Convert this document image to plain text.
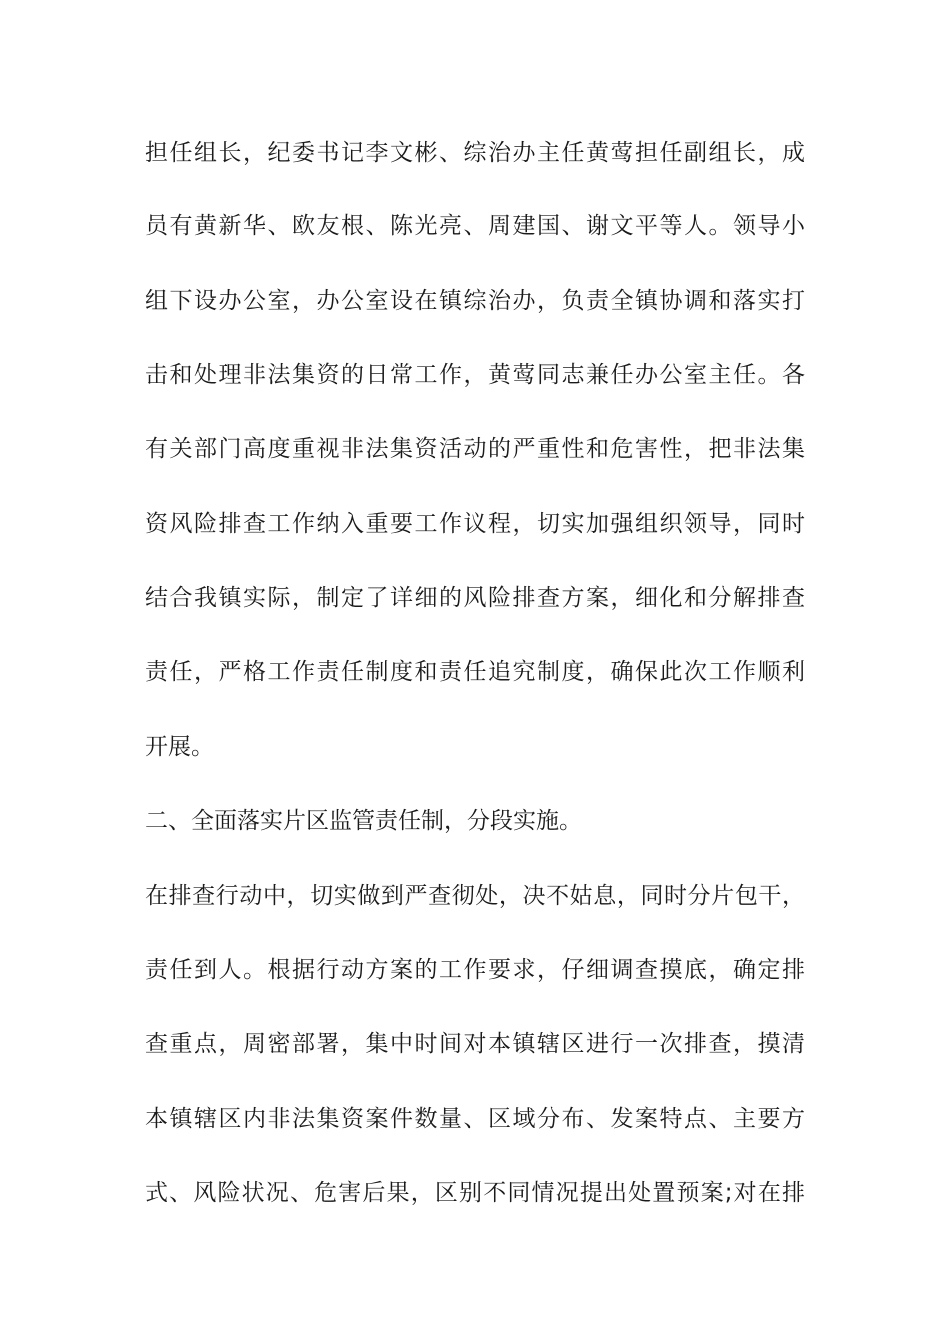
担任组长，纪委书记李文彬、综治办主任黄莺担任副组长，成
员有黄新华、欧友根、陈光亮、周建国、谢文平等人。领导小
组下设办公室，办公室设在镇综治办，负责全镇协调和落实打
击和处理非法集资的日常工作，黄莺同志兼任办公室主任。各
有关部门高度重视非法集资活动的严重性和危害性，把非法集
资风险排查工作纳入重要工作议程，切实加强组织领导，同时
结合我镇实际，制定了详细的风险排查方案，细化和分解排查
责任，严格工作责任制度和责任追究制度，确保此次工作顺利
开展。
二、全面落实片区监管责任制，分段实施。
在排查行动中，切实做到严查彻处，决不姑息，同时分片包干，
责任到人。根据行动方案的工作要求，仔细调查摸底，确定排
查重点，周密部署，集中时间对本镇辖区进行一次排查，摸清
本镇辖区内非法集资案件数量、区域分布、发案特点、主要方
式、风险状况、危害后果，区别不同情况提出处置预案;对在排
